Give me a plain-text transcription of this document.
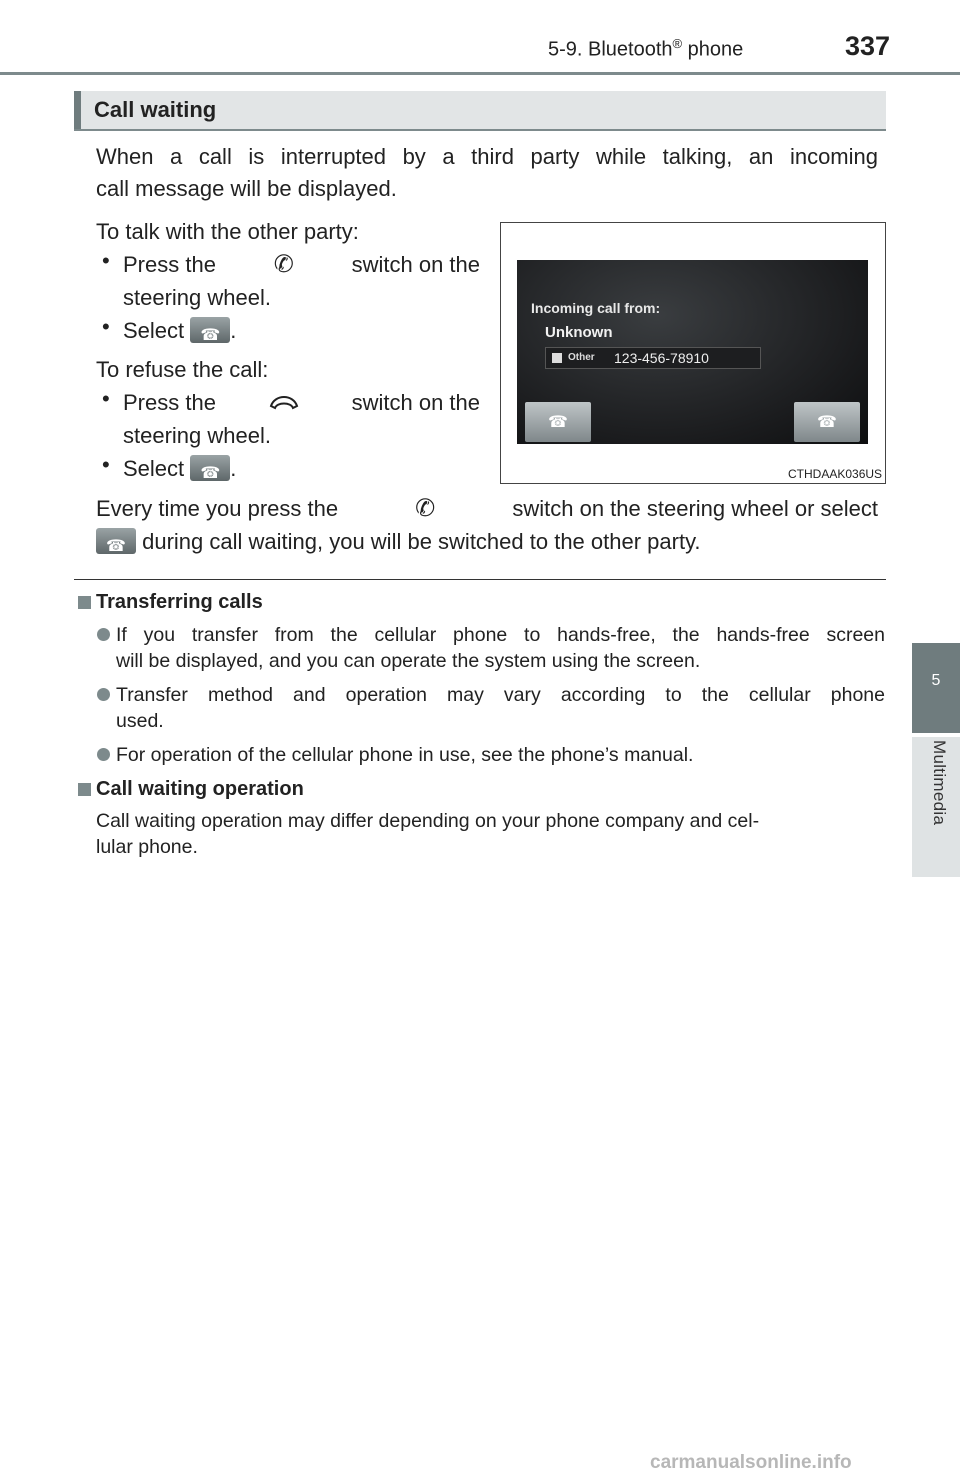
5-9. Bluetooth® phone	337
5
Multimedia
Call waiting
When a call is interrupted by a third party while talking, an incoming
call message will be displayed.
To talk with the other party:
• Press the	✆	switch on the
steering wheel.
• Select ☎ .
To refuse the call:
• Press the	switch on the
steering wheel.
• Select ☎ .
Every time you press the	✆	switch on the steering wheel or select
☎ during call waiting, you will be switched to the other party.
Incoming call from:
Unknown
Other 123-456-78910
☎
☎
CTHDAAK036US
Transferring calls
If you transfer from the cellular phone to hands-free, the hands-free screen
will be displayed, and you can operate the system using the screen.
Transfer method and operation may vary according to the cellular phone
used.
For operation of the cellular phone in use, see the phone’s manual.
Call waiting operation
Call waiting operation may differ depending on your phone company and cel-
lular phone.
carmanualsonline.info
